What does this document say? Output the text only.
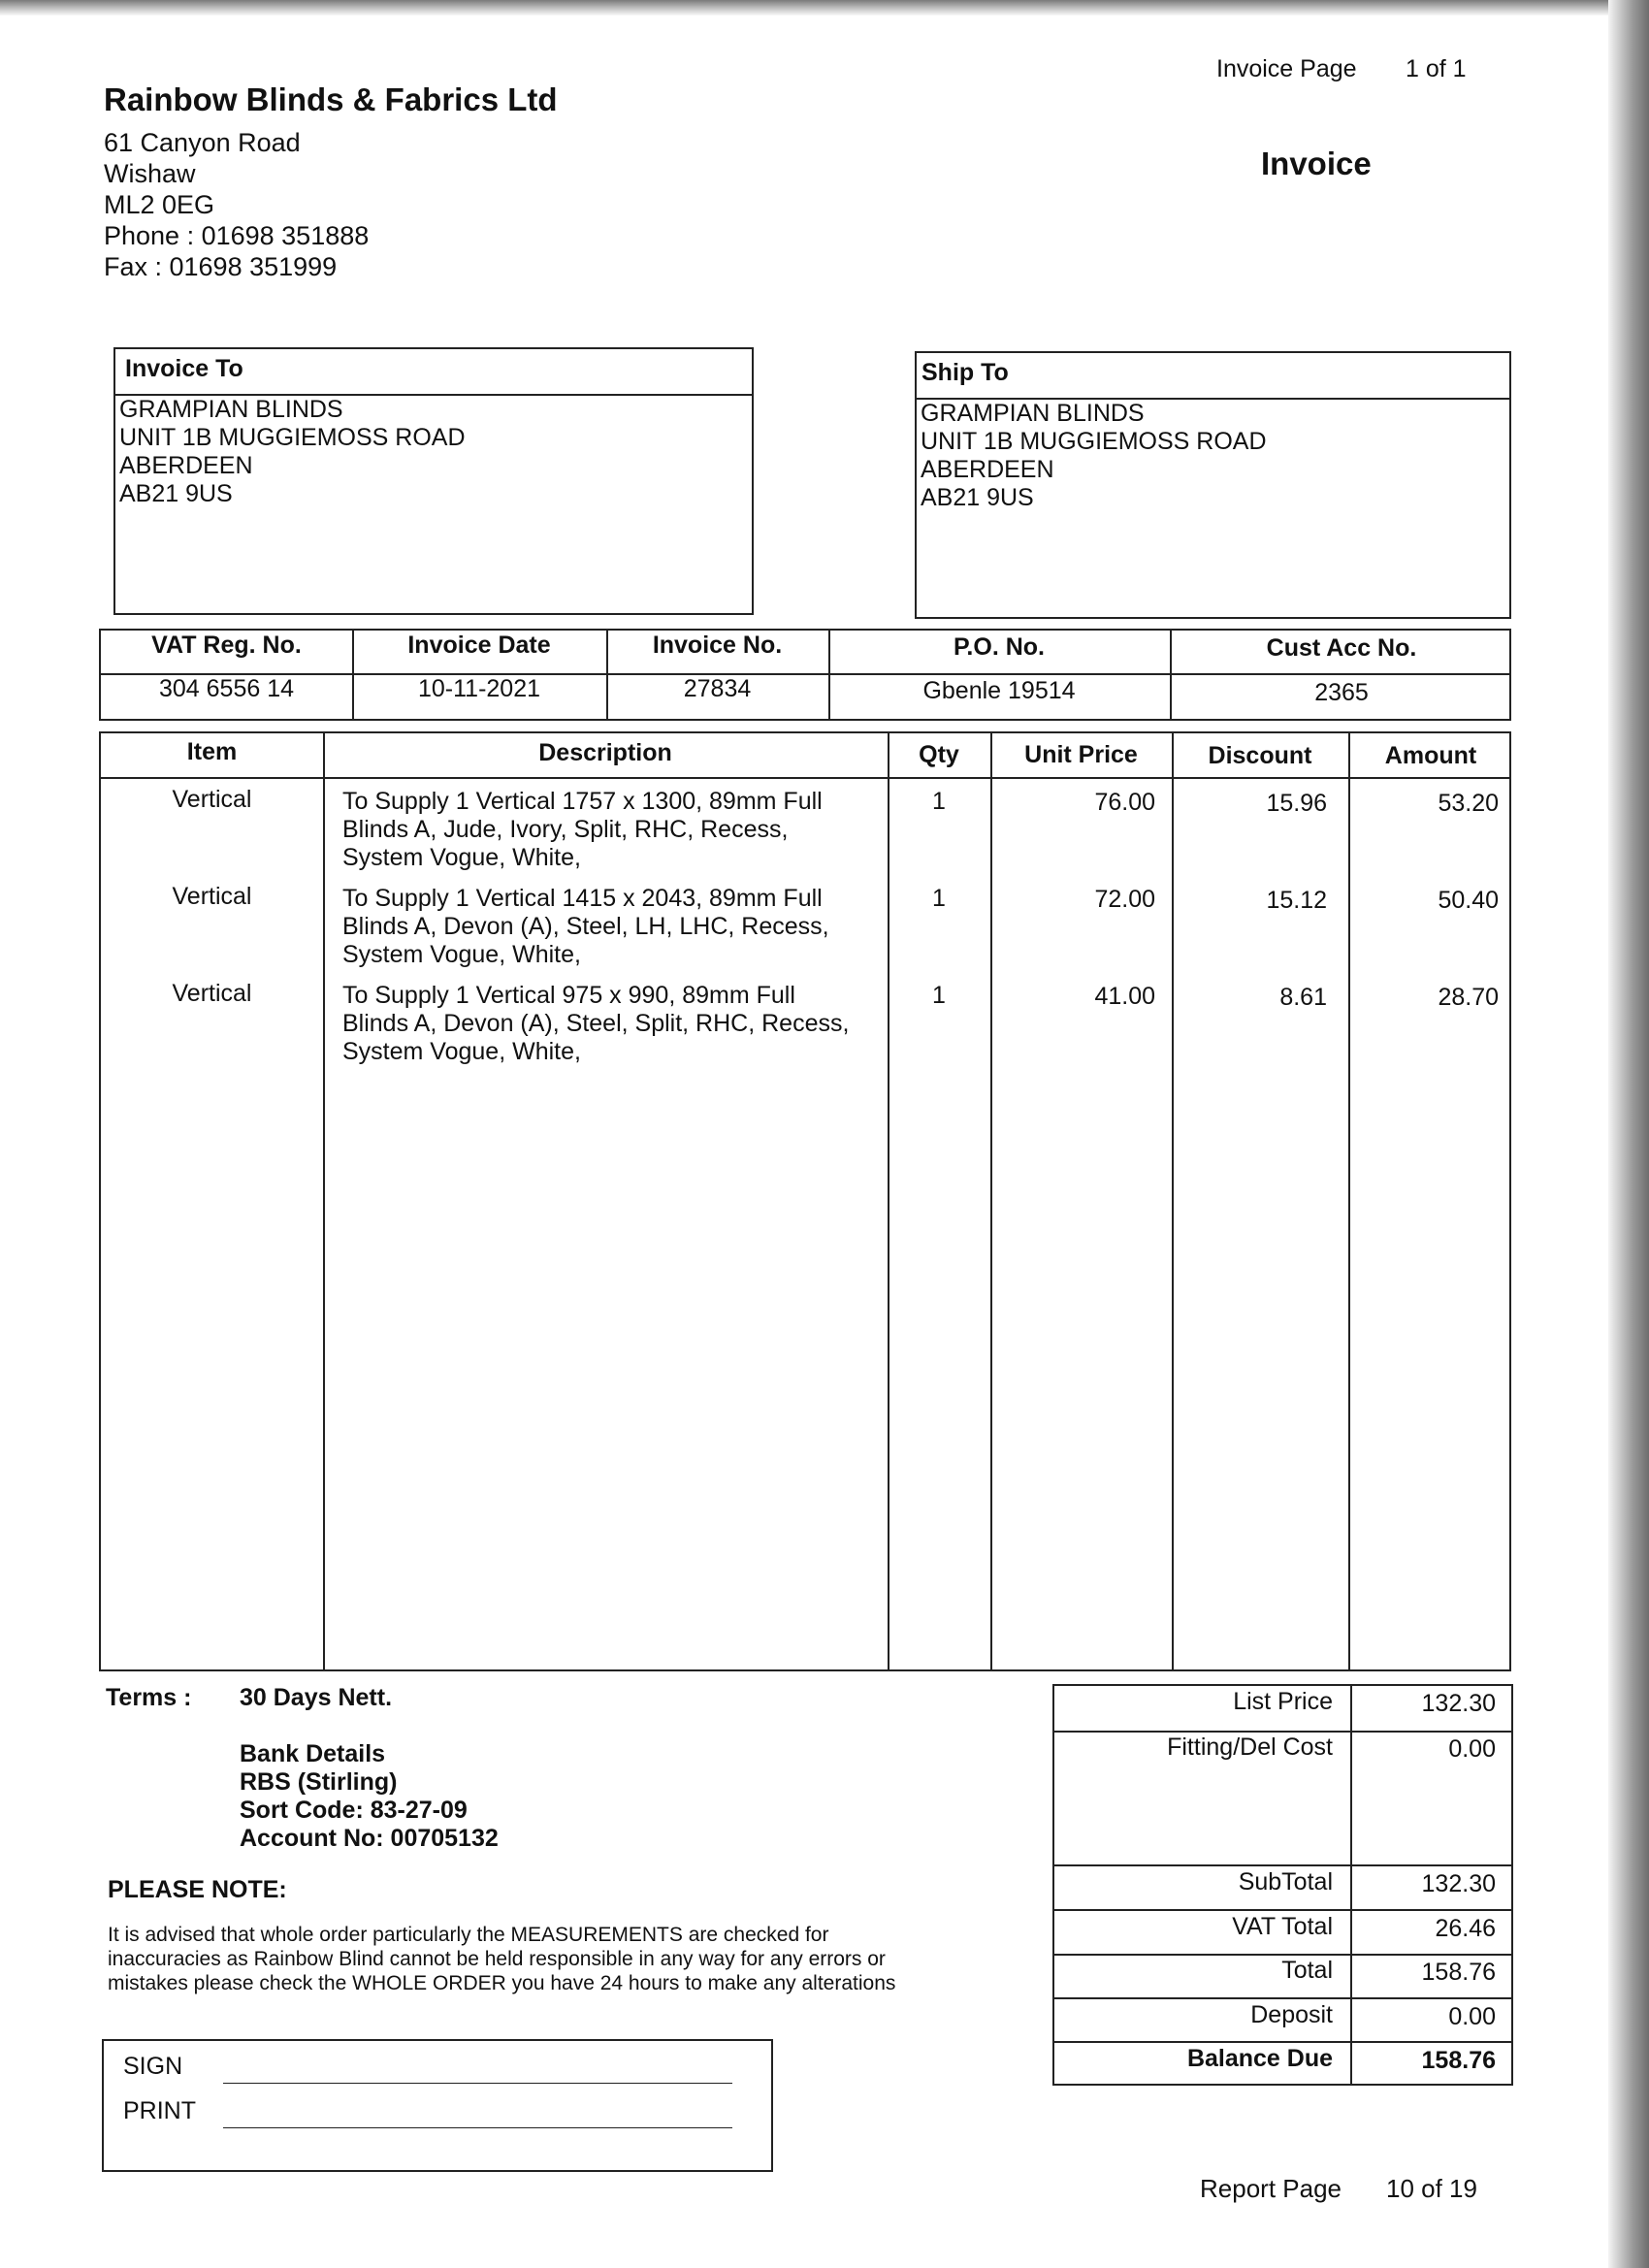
Invoice Page 1 of 1
Rainbow Blinds & Fabrics Ltd
61 Canyon Road
Wishaw
ML2 0EG
Phone : 01698 351888
Fax : 01698 351999
Invoice
Invoice To
GRAMPIAN BLINDS
UNIT 1B MUGGIEMOSS ROAD
ABERDEEN
AB21 9US
Ship To
GRAMPIAN BLINDS
UNIT 1B MUGGIEMOSS ROAD
ABERDEEN
AB21 9US
VAT Reg. No.	Invoice Date	Invoice No.	P.O. No.	Cust Acc No.
304 6556 14	10-11-2021	27834	Gbenle 19514	2365
Item	Description	Qty	Unit Price	Discount	Amount
Vertical	To Supply 1 Vertical 1757 x 1300, 89mm Full
Blinds A, Jude, Ivory, Split, RHC, Recess,
System Vogue, White,
1	76.00	15.96	53.20
Vertical	To Supply 1 Vertical 1415 x 2043, 89mm Full
Blinds A, Devon (A), Steel, LH, LHC, Recess,
System Vogue, White,
1	72.00	15.12	50.40
Vertical	To Supply 1 Vertical 975 x 990, 89mm Full
Blinds A, Devon (A), Steel, Split, RHC, Recess,
System Vogue, White,
1	41.00	8.61	28.70
Terms : 30 Days Nett.
Bank Details
RBS (Stirling)
Sort Code: 83-27-09
Account No: 00705132
PLEASE NOTE:
It is advised that whole order particularly the MEASUREMENTS are checked for
inaccuracies as Rainbow Blind cannot be held responsible in any way for any errors or
mistakes please check the WHOLE ORDER you have 24 hours to make any alterations
List Price	132.30
Fitting/Del Cost	0.00
SubTotal	132.30
VAT Total	26.46
Total	158.76
Deposit	0.00
Balance Due	158.76
SIGN
PRINT
Report Page 10 of 19
